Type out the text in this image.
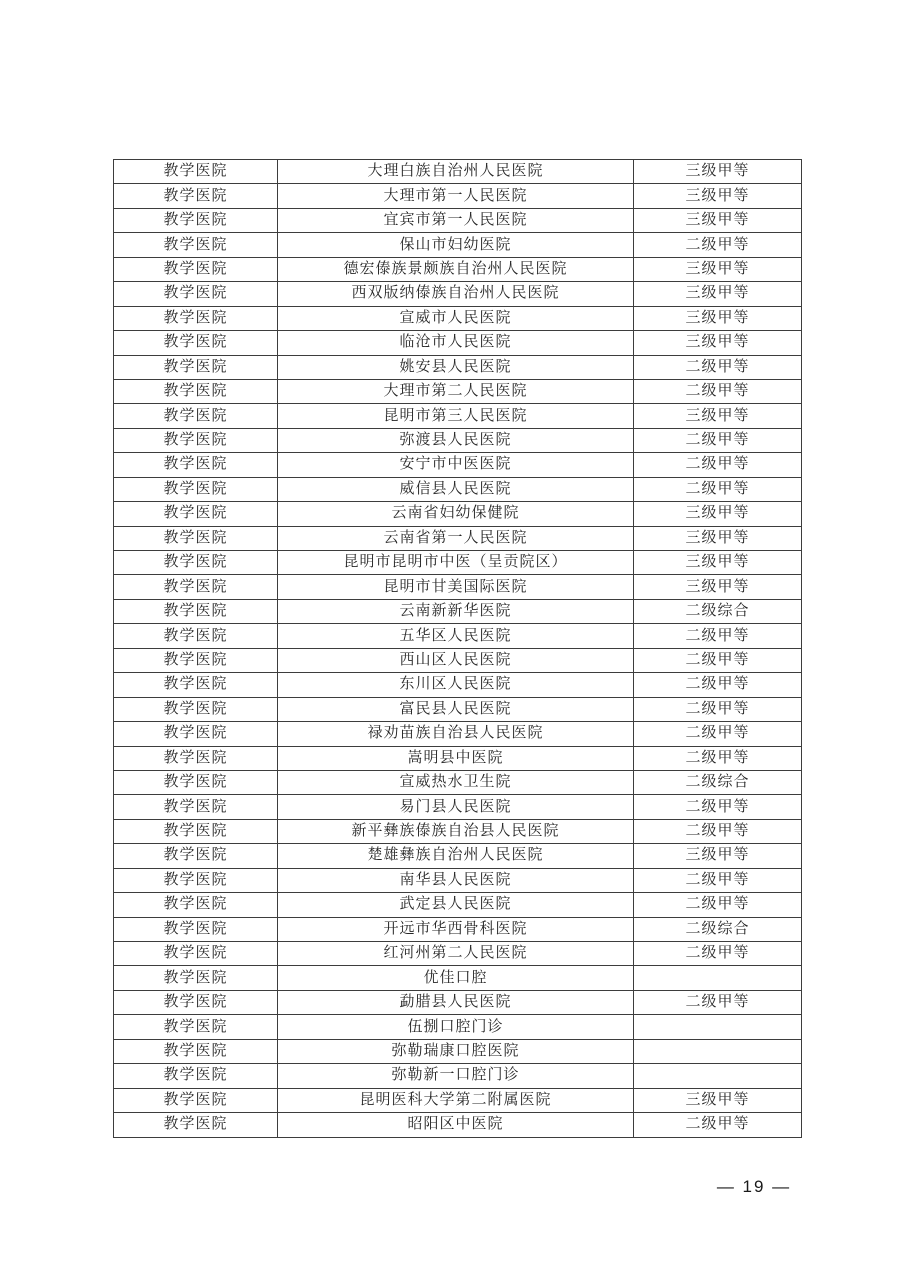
教学医院	大理白族自治州人民医院	三级甲等
教学医院	大理市第一人民医院	三级甲等
教学医院	宜宾市第一人民医院	三级甲等
教学医院	保山市妇幼医院	二级甲等
教学医院	德宏傣族景颇族自治州人民医院	三级甲等
教学医院	西双版纳傣族自治州人民医院	三级甲等
教学医院	宣威市人民医院	三级甲等
教学医院	临沧市人民医院	三级甲等
教学医院	姚安县人民医院	二级甲等
教学医院	大理市第二人民医院	二级甲等
教学医院	昆明市第三人民医院	三级甲等
教学医院	弥渡县人民医院	二级甲等
教学医院	安宁市中医医院	二级甲等
教学医院	威信县人民医院	二级甲等
教学医院	云南省妇幼保健院	三级甲等
教学医院	云南省第一人民医院	三级甲等
教学医院	昆明市昆明市中医（呈贡院区）	三级甲等
教学医院	昆明市甘美国际医院	三级甲等
教学医院	云南新新华医院	二级综合
教学医院	五华区人民医院	二级甲等
教学医院	西山区人民医院	二级甲等
教学医院	东川区人民医院	二级甲等
教学医院	富民县人民医院	二级甲等
教学医院	禄劝苗族自治县人民医院	二级甲等
教学医院	嵩明县中医院	二级甲等
教学医院	宣威热水卫生院	二级综合
教学医院	易门县人民医院	二级甲等
教学医院	新平彝族傣族自治县人民医院	二级甲等
教学医院	楚雄彝族自治州人民医院	三级甲等
教学医院	南华县人民医院	二级甲等
教学医院	武定县人民医院	二级甲等
教学医院	开远市华西骨科医院	二级综合
教学医院	红河州第二人民医院	二级甲等
教学医院	优佳口腔	
教学医院	勐腊县人民医院	二级甲等
教学医院	伍捌口腔门诊	
教学医院	弥勒瑞康口腔医院	
教学医院	弥勒新一口腔门诊	
教学医院	昆明医科大学第二附属医院	三级甲等
教学医院	昭阳区中医院	二级甲等
— 19 —
